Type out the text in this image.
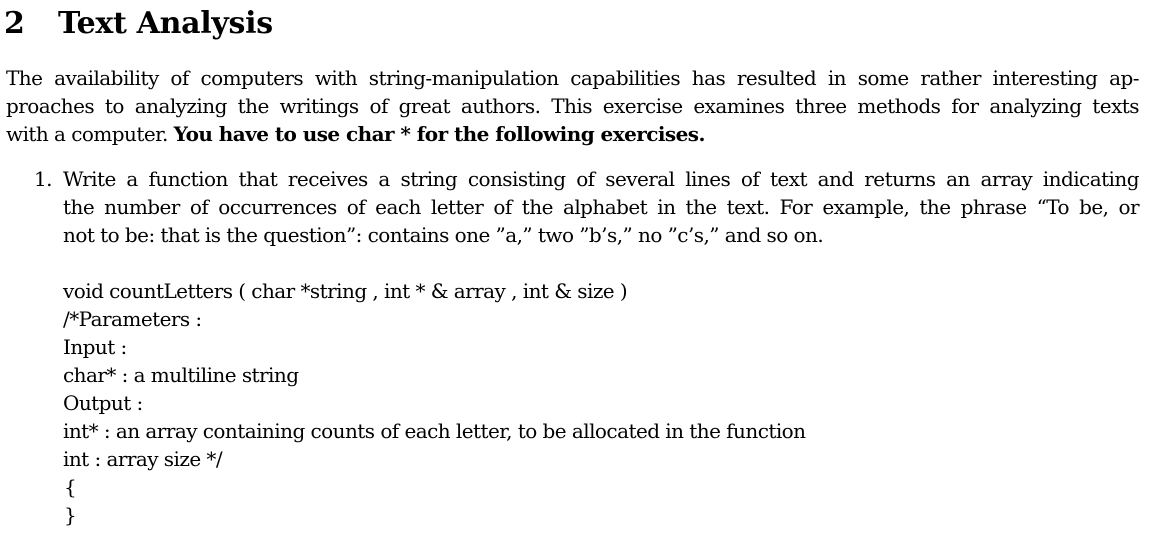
2 Text Analysis
The availability of computers with string-manipulation capabilities has resulted in some rather interesting ap-
proaches to analyzing the writings of great authors. This exercise examines three methods for analyzing texts
with a computer. You have to use char * for the following exercises.
1. Write a function that receives a string consisting of several lines of text and returns an array indicating
the number of occurrences of each letter of the alphabet in the text. For example, the phrase “To be, or
not to be: that is the question”: contains one ”a,” two ”b’s,” no ”c’s,” and so on.
void countLetters ( char *string , int * & array , int & size )
/*Parameters :
Input :
char* : a multiline string
Output :
int* : an array containing counts of each letter, to be allocated in the function
int : array size */
{
}
